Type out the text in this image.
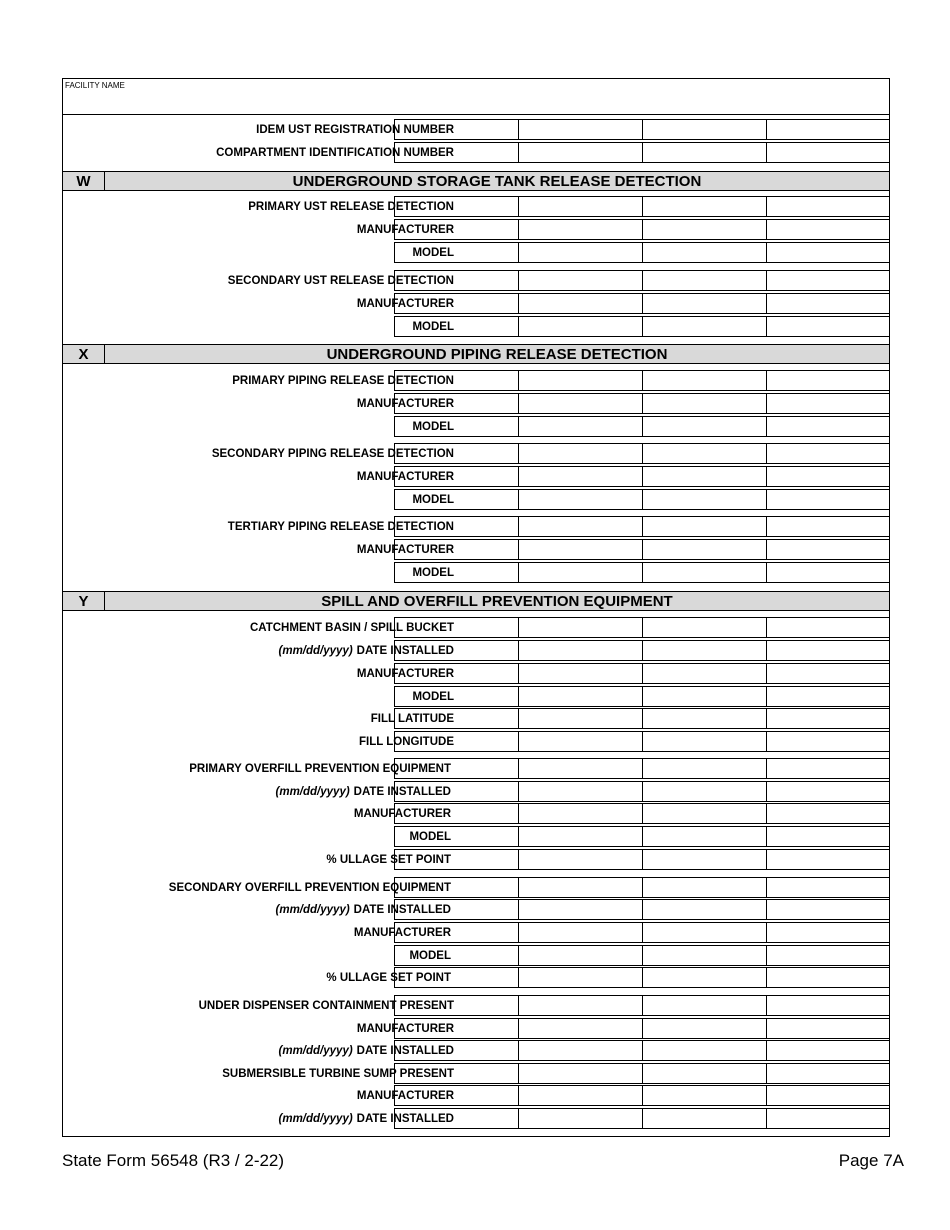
FACILITY NAME
IDEM UST REGISTRATION NUMBER
COMPARTMENT IDENTIFICATION NUMBER
W	UNDERGROUND STORAGE TANK RELEASE DETECTION
PRIMARY UST RELEASE DETECTION
MANUFACTURER
MODEL
SECONDARY UST RELEASE DETECTION
MANUFACTURER
MODEL
X	UNDERGROUND PIPING RELEASE DETECTION
PRIMARY PIPING RELEASE DETECTION
MANUFACTURER
MODEL
SECONDARY PIPING RELEASE DETECTION
MANUFACTURER
MODEL
TERTIARY PIPING RELEASE DETECTION
MANUFACTURER
MODEL
Y	SPILL AND OVERFILL PREVENTION EQUIPMENT
CATCHMENT BASIN / SPILL BUCKET
(mm/dd/yyyy) DATE INSTALLED
MANUFACTURER
MODEL
FILL LATITUDE
FILL LONGITUDE
PRIMARY OVERFILL PREVENTION EQUIPMENT
(mm/dd/yyyy) DATE INSTALLED
MANUFACTURER
MODEL
% ULLAGE SET POINT
SECONDARY OVERFILL PREVENTION EQUIPMENT
(mm/dd/yyyy) DATE INSTALLED
MANUFACTURER
MODEL
% ULLAGE SET POINT
UNDER DISPENSER CONTAINMENT PRESENT
MANUFACTURER
(mm/dd/yyyy) DATE INSTALLED
SUBMERSIBLE TURBINE SUMP PRESENT
MANUFACTURER
(mm/dd/yyyy) DATE INSTALLED
State Form 56548 (R3 / 2-22)	Page 7A
